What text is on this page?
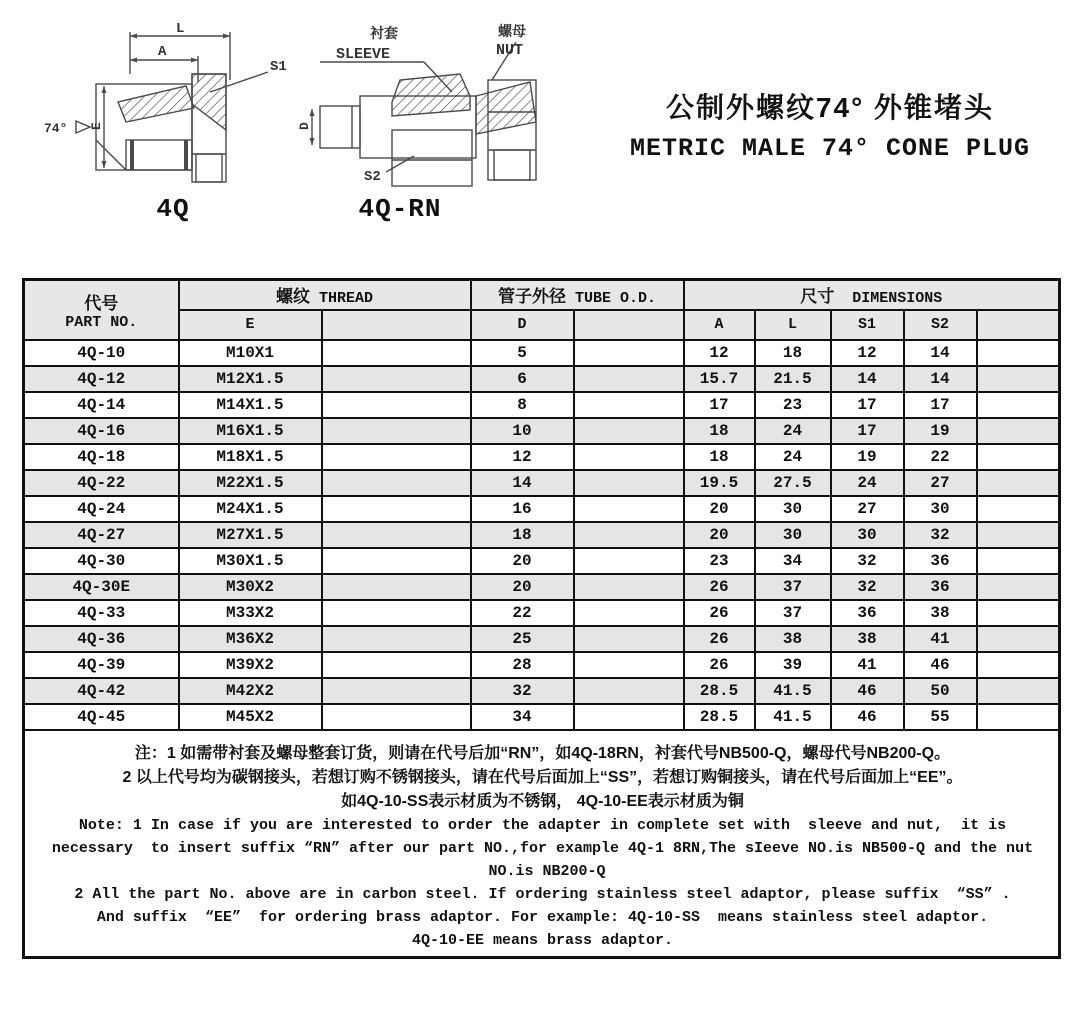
L
A
S1
74° E
4Q
衬套
SLEEVE
螺母
NUT
D
S2
4Q-RN
公制外螺纹74° 外锥堵头
METRIC MALE 74° CONE PLUG
代号
PART NO.	螺纹 THREAD		管子外径 TUBE O.D.		尺寸 DIMENSIONS				
	E		D		A	L	S1	S2	
4Q-10	M10X1		5		12	18	12	14	
4Q-12	M12X1.5		6		15.7	21.5	14	14	
4Q-14	M14X1.5		8		17	23	17	17	
4Q-16	M16X1.5		10		18	24	17	19	
4Q-18	M18X1.5		12		18	24	19	22	
4Q-22	M22X1.5		14		19.5	27.5	24	27	
4Q-24	M24X1.5		16		20	30	27	30	
4Q-27	M27X1.5		18		20	30	30	32	
4Q-30	M30X1.5		20		23	34	32	36	
4Q-30E	M30X2		20		26	37	32	36	
4Q-33	M33X2		22		26	37	36	38	
4Q-36	M36X2		25		26	38	38	41	
4Q-39	M39X2		28		26	39	41	46	
4Q-42	M42X2		32		28.5	41.5	46	50	
4Q-45	M45X2		34		28.5	41.5	46	55	

注：1 如需带衬套及螺母整套订货，则请在代号后加“RN”，如4Q-18RN，衬套代号NB500-Q，螺母代号NB200-Q。
2 以上代号均为碳钢接头，若想订购不锈钢接头，请在代号后面加上“SS”，若想订购铜接头，请在代号后面加上“EE”。
如4Q-10-SS表示材质为不锈钢， 4Q-10-EE表示材质为铜
Note: 1 In case if you are interested to order the adapter in complete set with  sleeve and nut,  it is
necessary  to insert suffix “RN” after our part NO.,for example 4Q-1 8RN,The sIeeve NO.is NB500-Q and the nut
NO.is NB200-Q
2 All the part No. above are in carbon steel. If ordering stainless steel adaptor, please suffix  “SS” .
And suffix  “EE”  for ordering brass adaptor. For example: 4Q-10-SS  means stainless steel adaptor.
4Q-10-EE means brass adaptor.
